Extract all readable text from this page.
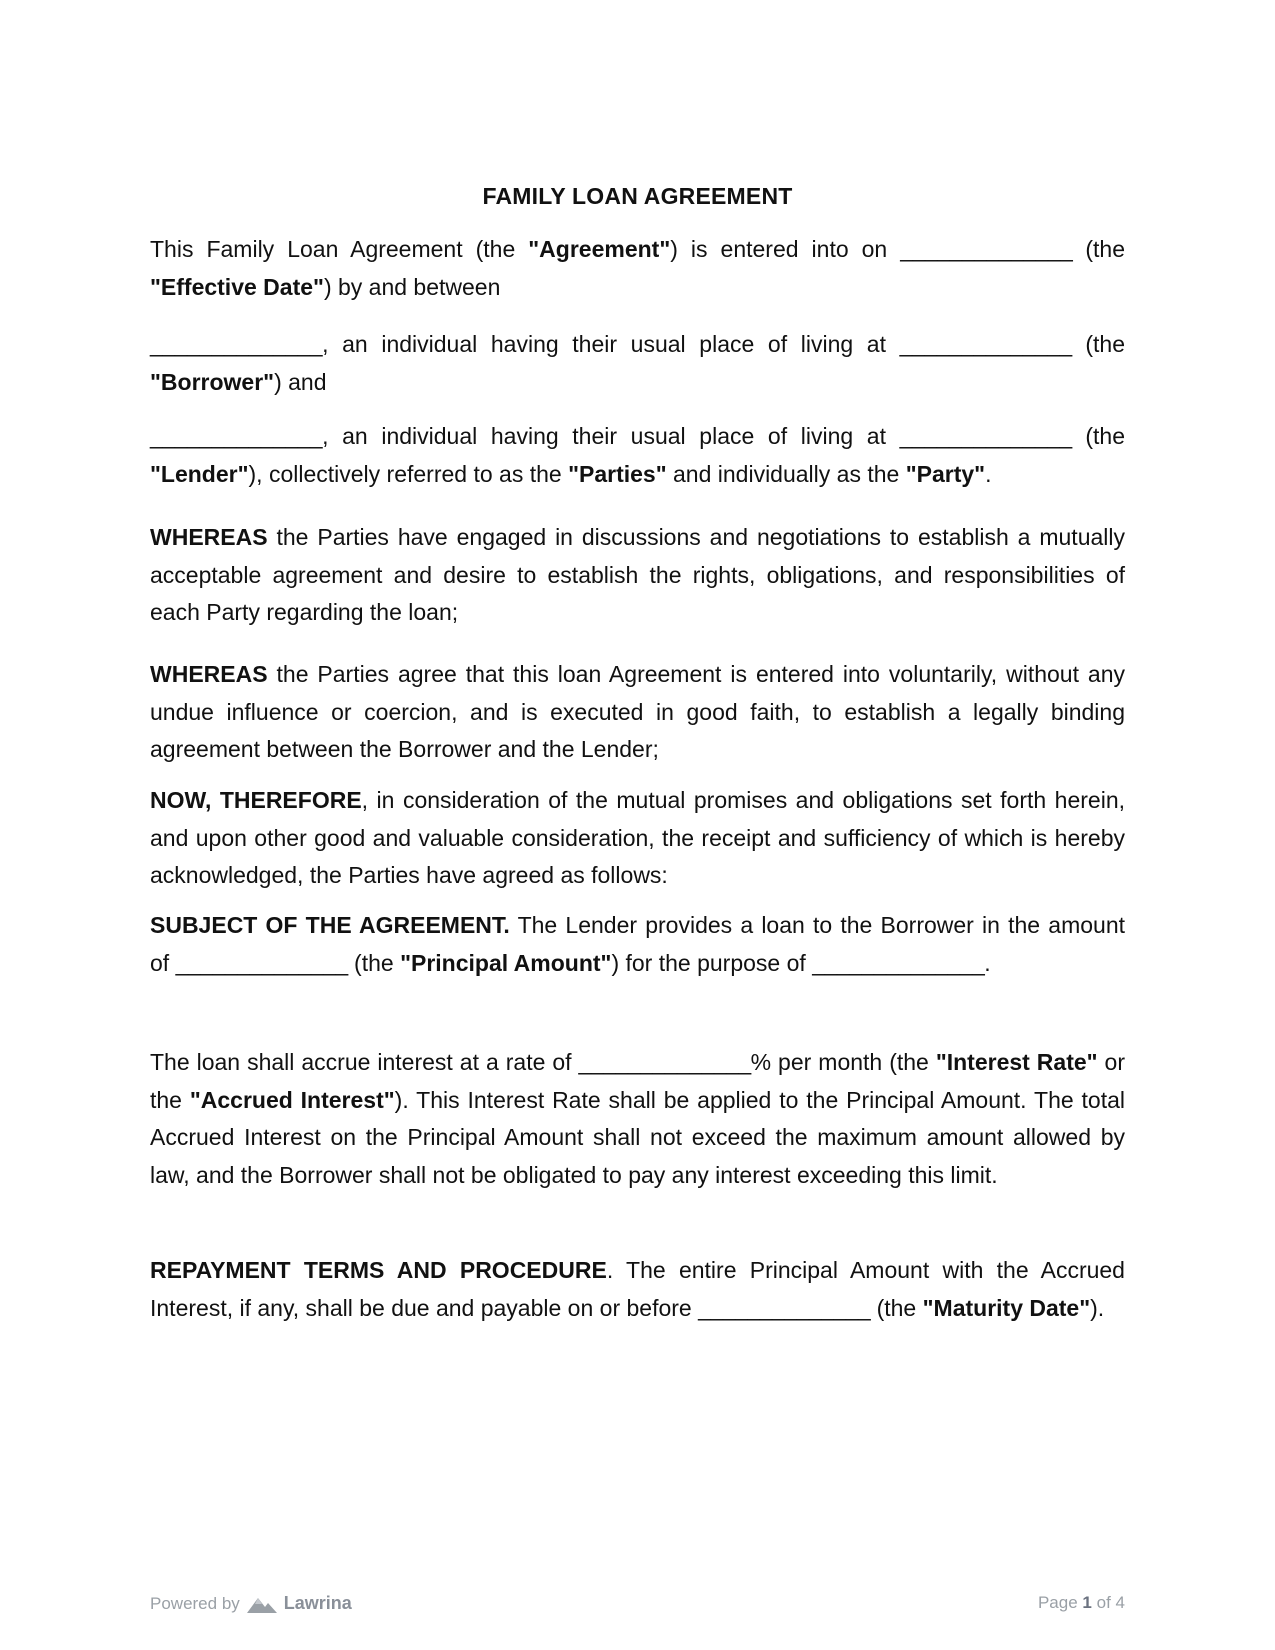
FAMILY LOAN AGREEMENT
This Family Loan Agreement (the "Agreement") is entered into on ______________ (the "Effective Date") by and between
______________, an individual having their usual place of living at ______________ (the "Borrower") and
______________, an individual having their usual place of living at ______________ (the "Lender"), collectively referred to as the "Parties" and individually as the "Party".
WHEREAS the Parties have engaged in discussions and negotiations to establish a mutually acceptable agreement and desire to establish the rights, obligations, and responsibilities of each Party regarding the loan;
WHEREAS the Parties agree that this loan Agreement is entered into voluntarily, without any undue influence or coercion, and is executed in good faith, to establish a legally binding agreement between the Borrower and the Lender;
NOW, THEREFORE, in consideration of the mutual promises and obligations set forth herein, and upon other good and valuable consideration, the receipt and sufficiency of which is hereby acknowledged, the Parties have agreed as follows:
SUBJECT OF THE AGREEMENT. The Lender provides a loan to the Borrower in the amount of ______________ (the "Principal Amount") for the purpose of ______________.
The loan shall accrue interest at a rate of ______________% per month (the "Interest Rate" or the "Accrued Interest"). This Interest Rate shall be applied to the Principal Amount. The total Accrued Interest on the Principal Amount shall not exceed the maximum amount allowed by law, and the Borrower shall not be obligated to pay any interest exceeding this limit.
REPAYMENT TERMS AND PROCEDURE. The entire Principal Amount with the Accrued Interest, if any, shall be due and payable on or before ______________ (the "Maturity Date").
Powered by Lawrina	Page 1 of 4
